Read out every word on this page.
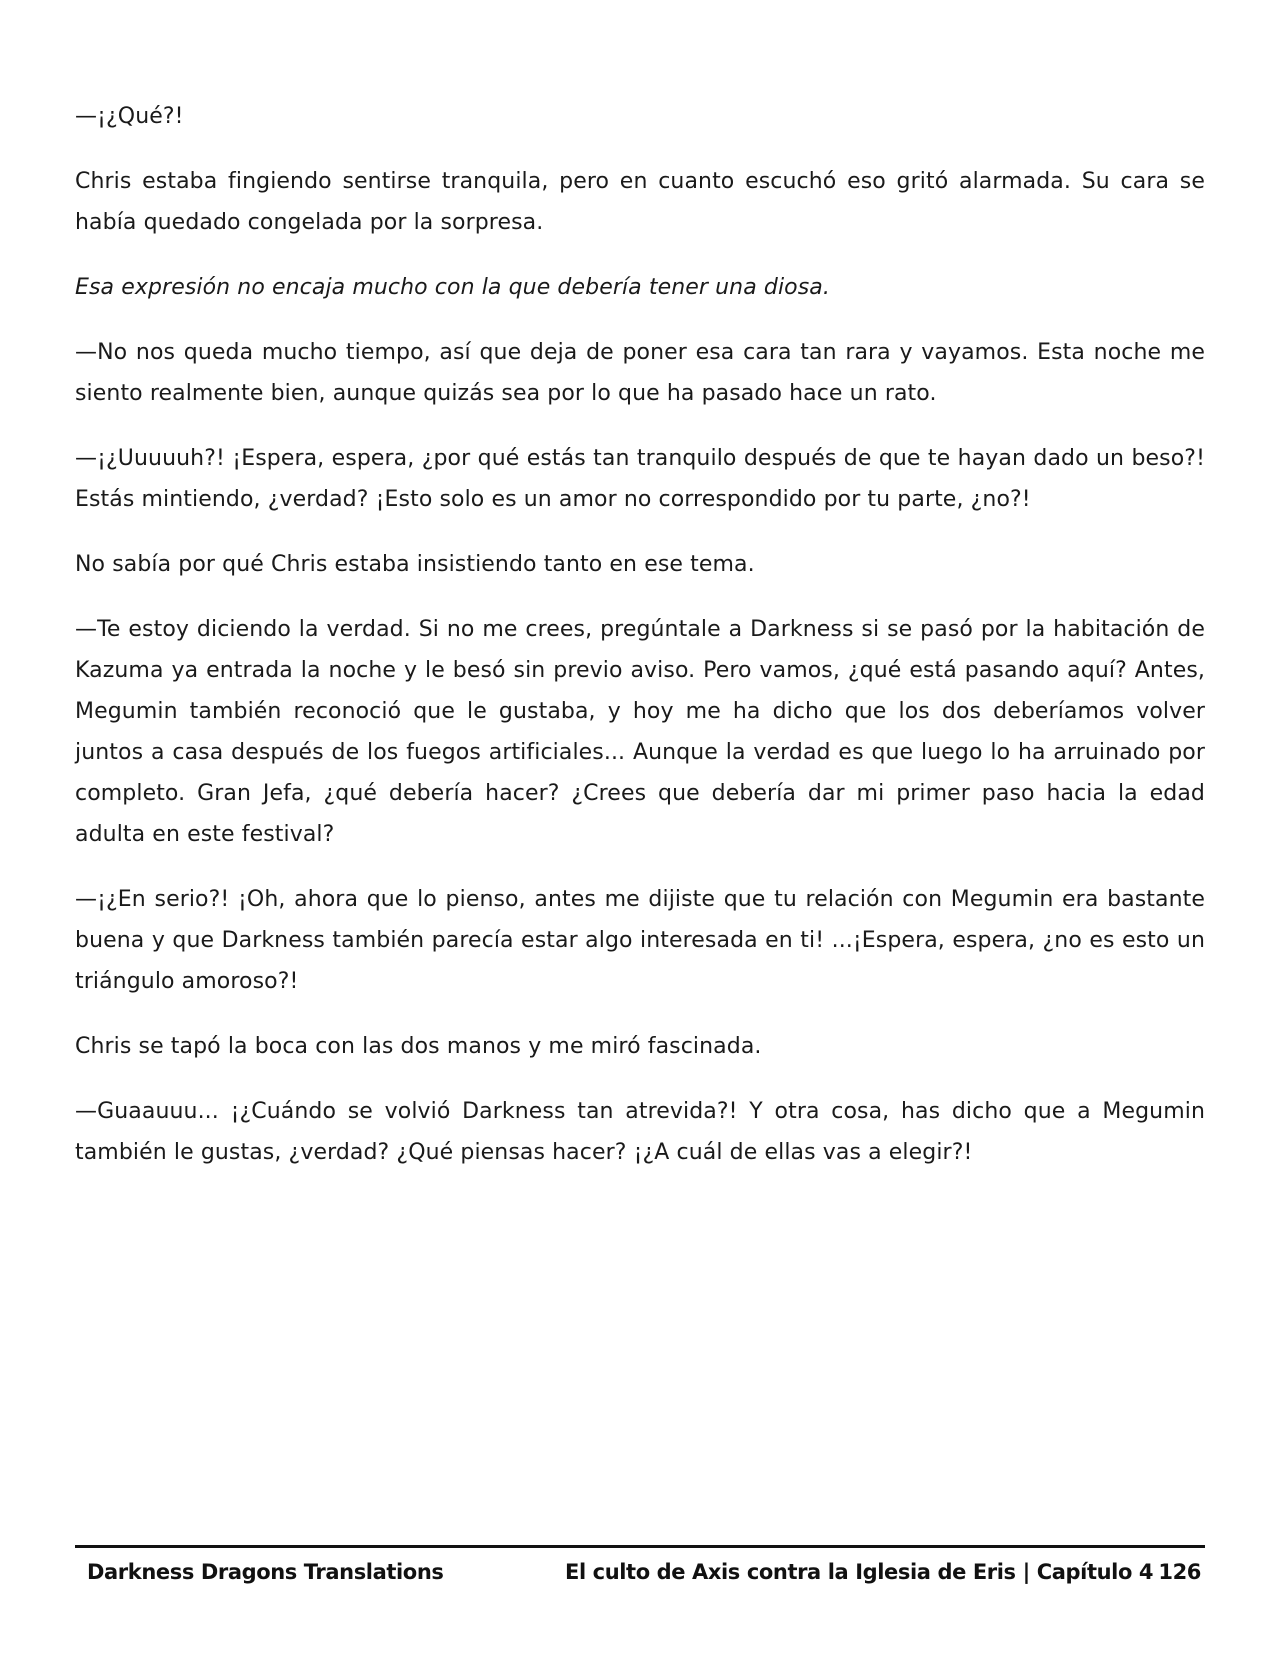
—¡¿Qué?!

Chris estaba fingiendo sentirse tranquila, pero en cuanto escuchó eso gritó alarmada. Su cara se había quedado congelada por la sorpresa.

Esa expresión no encaja mucho con la que debería tener una diosa.

—No nos queda mucho tiempo, así que deja de poner esa cara tan rara y vayamos. Esta noche me siento realmente bien, aunque quizás sea por lo que ha pasado hace un rato.

—¡¿Uuuuuh?! ¡Espera, espera, ¿por qué estás tan tranquilo después de que te hayan dado un beso?! Estás mintiendo, ¿verdad? ¡Esto solo es un amor no correspondido por tu parte, ¿no?!

No sabía por qué Chris estaba insistiendo tanto en ese tema.

—Te estoy diciendo la verdad. Si no me crees, pregúntale a Darkness si se pasó por la habitación de Kazuma ya entrada la noche y le besó sin previo aviso. Pero vamos, ¿qué está pasando aquí? Antes, Megumin también reconoció que le gustaba, y hoy me ha dicho que los dos deberíamos volver juntos a casa después de los fuegos artificiales... Aunque la verdad es que luego lo ha arruinado por completo. Gran Jefa, ¿qué debería hacer? ¿Crees que debería dar mi primer paso hacia la edad adulta en este festival?

—¡¿En serio?! ¡Oh, ahora que lo pienso, antes me dijiste que tu relación con Megumin era bastante buena y que Darkness también parecía estar algo interesada en ti! ...¡Espera, espera, ¿no es esto un triángulo amoroso?!

Chris se tapó la boca con las dos manos y me miró fascinada.

—Guaauuu... ¡¿Cuándo se volvió Darkness tan atrevida?! Y otra cosa, has dicho que a Megumin también le gustas, ¿verdad? ¿Qué piensas hacer? ¡¿A cuál de ellas vas a elegir?!

Darkness Dragons Translations	El culto de Axis contra la Iglesia de Eris | Capítulo 4 126
